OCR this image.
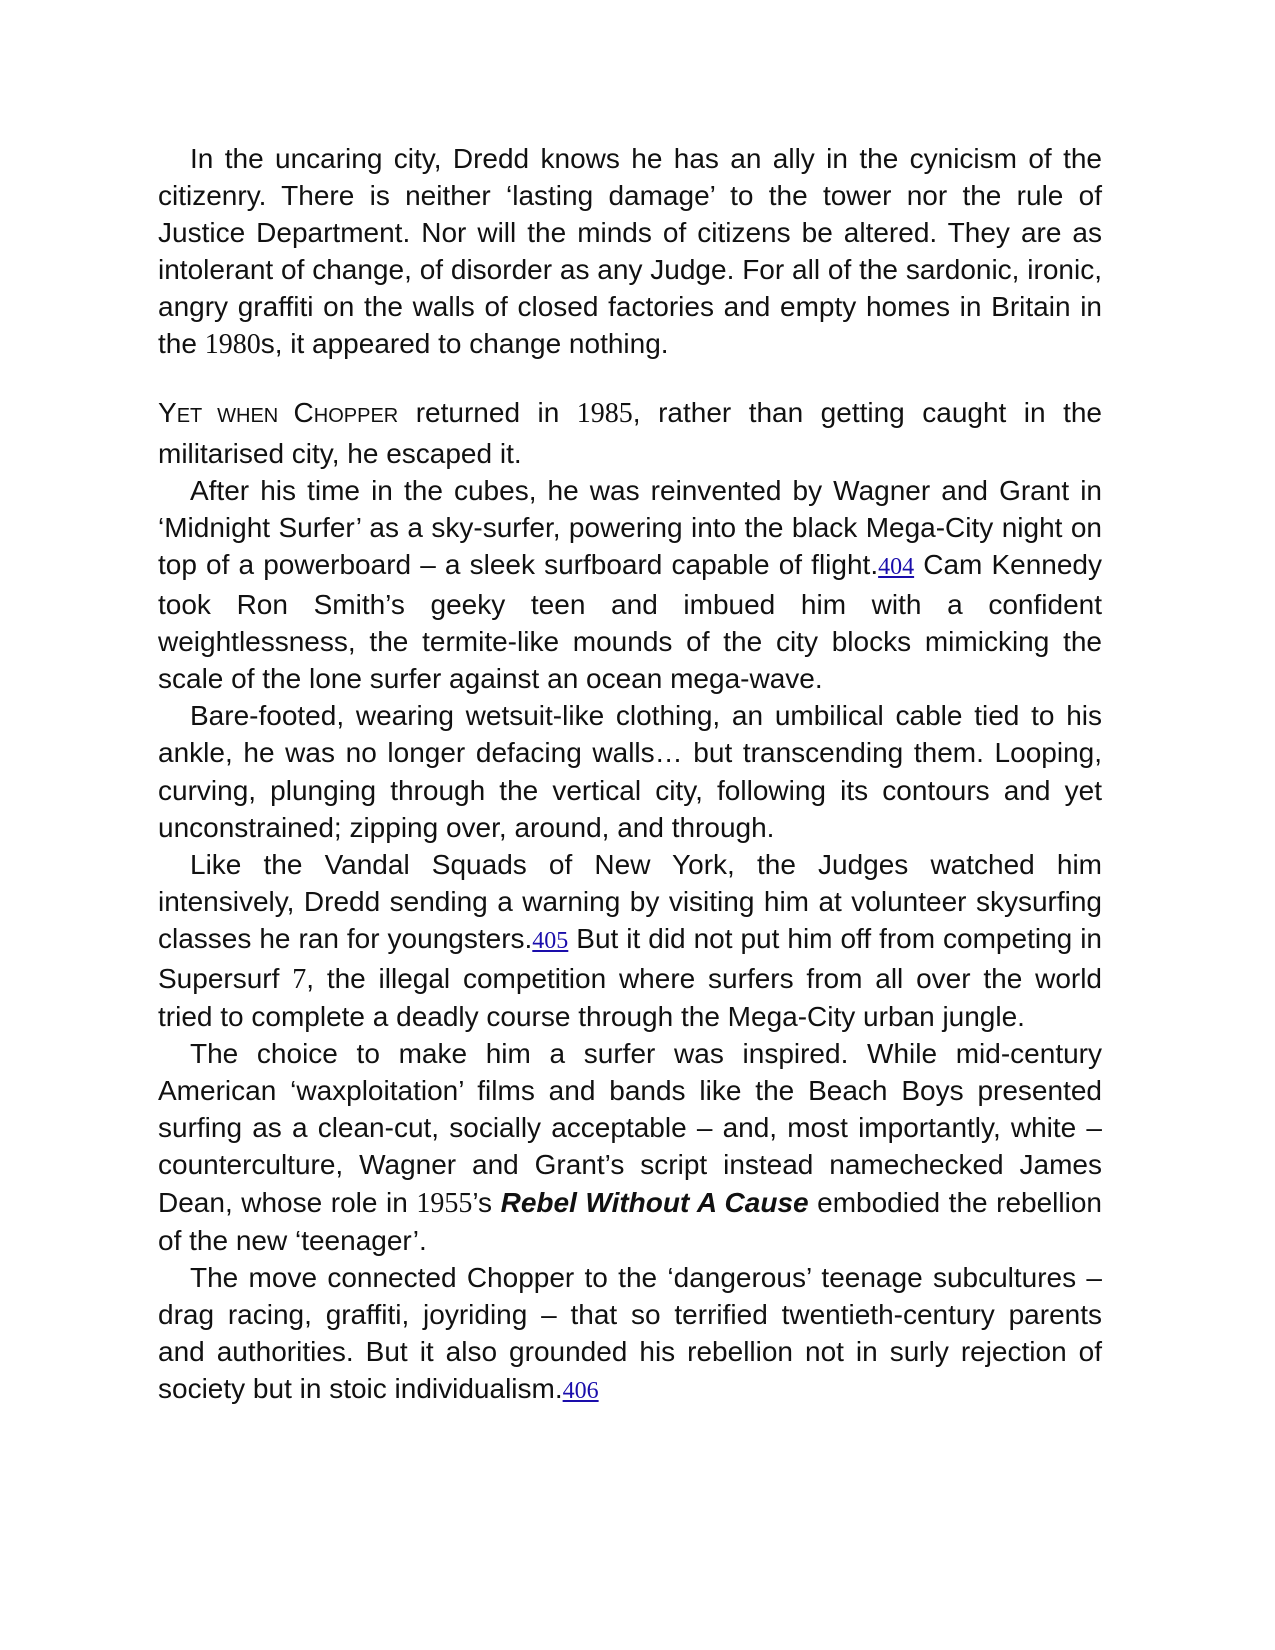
In the uncaring city, Dredd knows he has an ally in the cynicism of the citizenry. There is neither ‘lasting damage’ to the tower nor the rule of Justice Department. Nor will the minds of citizens be altered. They are as intolerant of change, of disorder as any Judge. For all of the sardonic, ironic, angry graffiti on the walls of closed factories and empty homes in Britain in the 1980s, it appeared to change nothing.

YET WHEN CHOPPER returned in 1985, rather than getting caught in the militarised city, he escaped it.

After his time in the cubes, he was reinvented by Wagner and Grant in ‘Midnight Surfer’ as a sky-surfer, powering into the black Mega-City night on top of a powerboard – a sleek surfboard capable of flight.404 Cam Kennedy took Ron Smith’s geeky teen and imbued him with a confident weightlessness, the termite-like mounds of the city blocks mimicking the scale of the lone surfer against an ocean mega-wave.

Bare-footed, wearing wetsuit-like clothing, an umbilical cable tied to his ankle, he was no longer defacing walls… but transcending them. Looping, curving, plunging through the vertical city, following its contours and yet unconstrained; zipping over, around, and through.

Like the Vandal Squads of New York, the Judges watched him intensively, Dredd sending a warning by visiting him at volunteer skysurfing classes he ran for youngsters.405 But it did not put him off from competing in Supersurf 7, the illegal competition where surfers from all over the world tried to complete a deadly course through the Mega-City urban jungle.

The choice to make him a surfer was inspired. While mid-century American ‘waxploitation’ films and bands like the Beach Boys presented surfing as a clean-cut, socially acceptable – and, most importantly, white – counterculture, Wagner and Grant’s script instead namechecked James Dean, whose role in 1955’s Rebel Without A Cause embodied the rebellion of the new ‘teenager’.

The move connected Chopper to the ‘dangerous’ teenage subcultures – drag racing, graffiti, joyriding – that so terrified twentieth-century parents and authorities. But it also grounded his rebellion not in surly rejection of society but in stoic individualism.406
